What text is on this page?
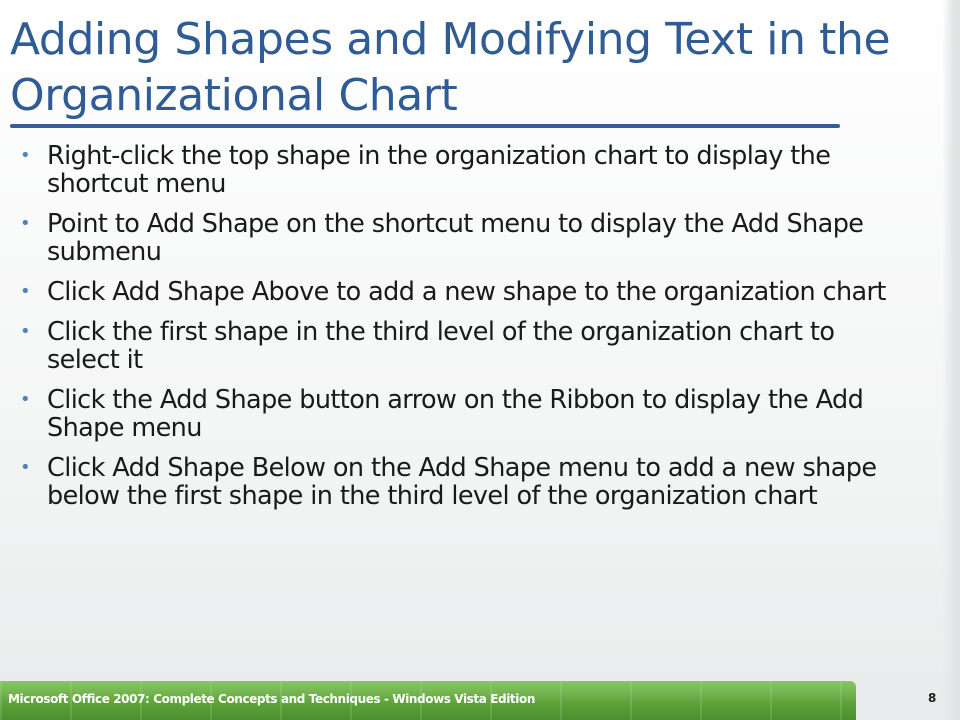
Adding Shapes and Modifying Text in the Organizational Chart
• Right-click the top shape in the organization chart to display the shortcut menu
• Point to Add Shape on the shortcut menu to display the Add Shape submenu
• Click Add Shape Above to add a new shape to the organization chart
• Click the first shape in the third level of the organization chart to select it
• Click the Add Shape button arrow on the Ribbon to display the Add Shape menu
• Click Add Shape Below on the Add Shape menu to add a new shape below the first shape in the third level of the organization chart
Microsoft Office 2007: Complete Concepts and Techniques - Windows Vista Edition	8
